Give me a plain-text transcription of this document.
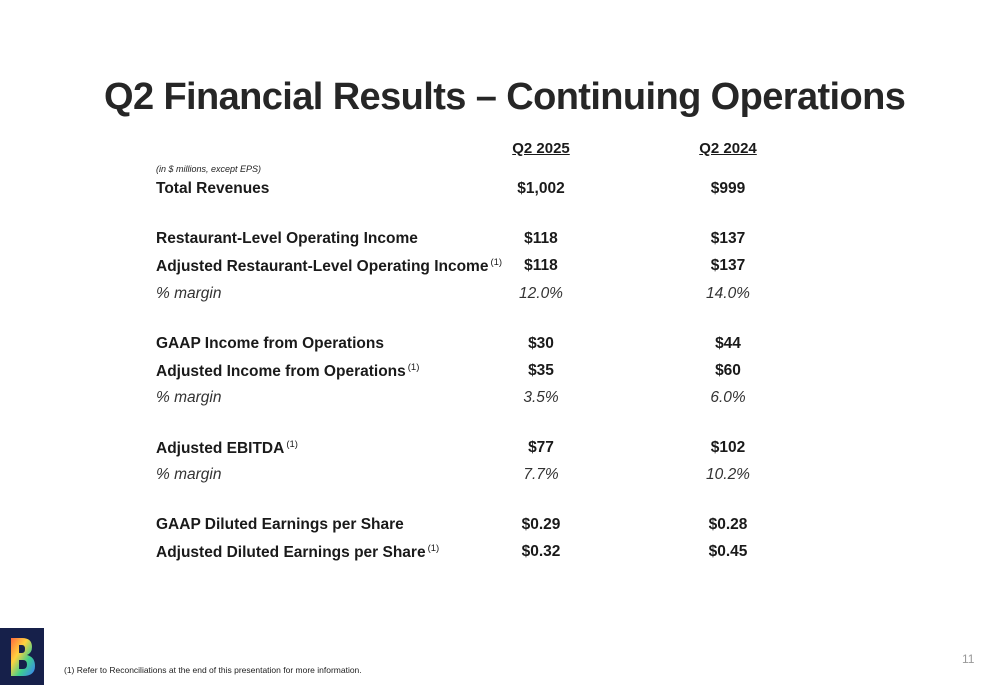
Q2 Financial Results – Continuing Operations
Q2 2025	Q2 2024
(in $ millions, except EPS)
Total Revenues	$1,002	$999
Restaurant-Level Operating Income	$118	$137
Adjusted Restaurant-Level Operating Income $^{(1)}$	$118	$137
% margin	12.0%	14.0%
GAAP Income from Operations	$30	$44
Adjusted Income from Operations $^{(1)}$	$35	$60
% margin	3.5%	6.0%
Adjusted EBITDA $^{(1)}$	$77	$102
% margin	7.7%	10.2%
GAAP Diluted Earnings per Share	$0.29	$0.28
Adjusted Diluted Earnings per Share $^{(1)}$	$0.32	$0.45
(1) Refer to Reconciliations at the end of this presentation for more information.
11
